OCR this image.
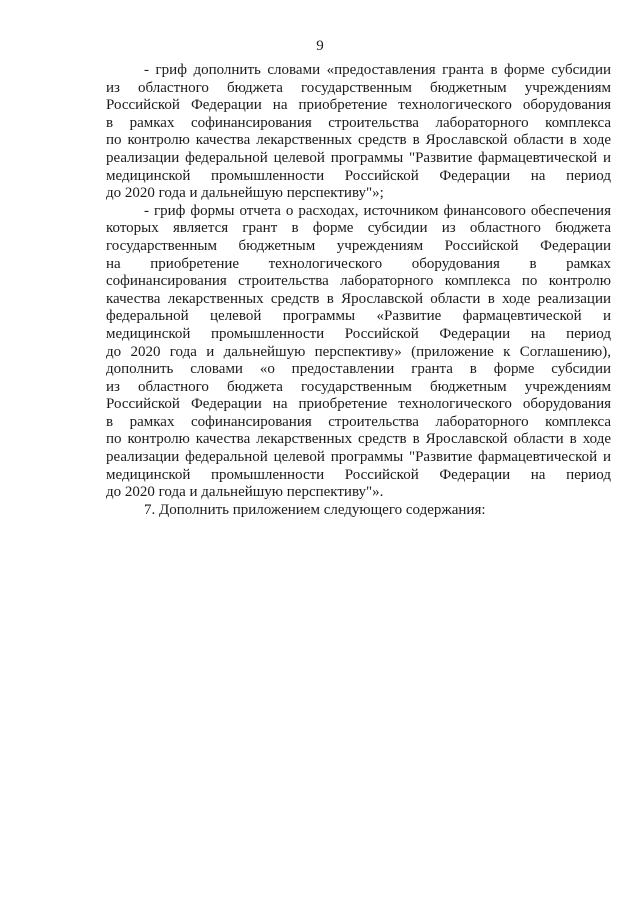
9
- гриф дополнить словами «предоставления гранта в форме субсидии
из областного бюджета государственным бюджетным учреждениям
Российской Федерации на приобретение технологического оборудования
в рамках софинансирования строительства лабораторного комплекса
по контролю качества лекарственных средств в Ярославской области в ходе
реализации федеральной целевой программы "Развитие фармацевтической и
медицинской промышленности Российской Федерации на период
до 2020 года и дальнейшую перспективу"»;
- гриф формы отчета о расходах, источником финансового обеспечения
которых является грант в форме субсидии из областного бюджета
государственным бюджетным учреждениям Российской Федерации
на приобретение технологического оборудования в рамках
софинансирования строительства лабораторного комплекса по контролю
качества лекарственных средств в Ярославской области в ходе реализации
федеральной целевой программы «Развитие фармацевтической и
медицинской промышленности Российской Федерации на период
до 2020 года и дальнейшую перспективу» (приложение к Соглашению),
дополнить словами «о предоставлении гранта в форме субсидии
из областного бюджета государственным бюджетным учреждениям
Российской Федерации на приобретение технологического оборудования
в рамках софинансирования строительства лабораторного комплекса
по контролю качества лекарственных средств в Ярославской области в ходе
реализации федеральной целевой программы "Развитие фармацевтической и
медицинской промышленности Российской Федерации на период
до 2020 года и дальнейшую перспективу"».
7. Дополнить приложением следующего содержания:
